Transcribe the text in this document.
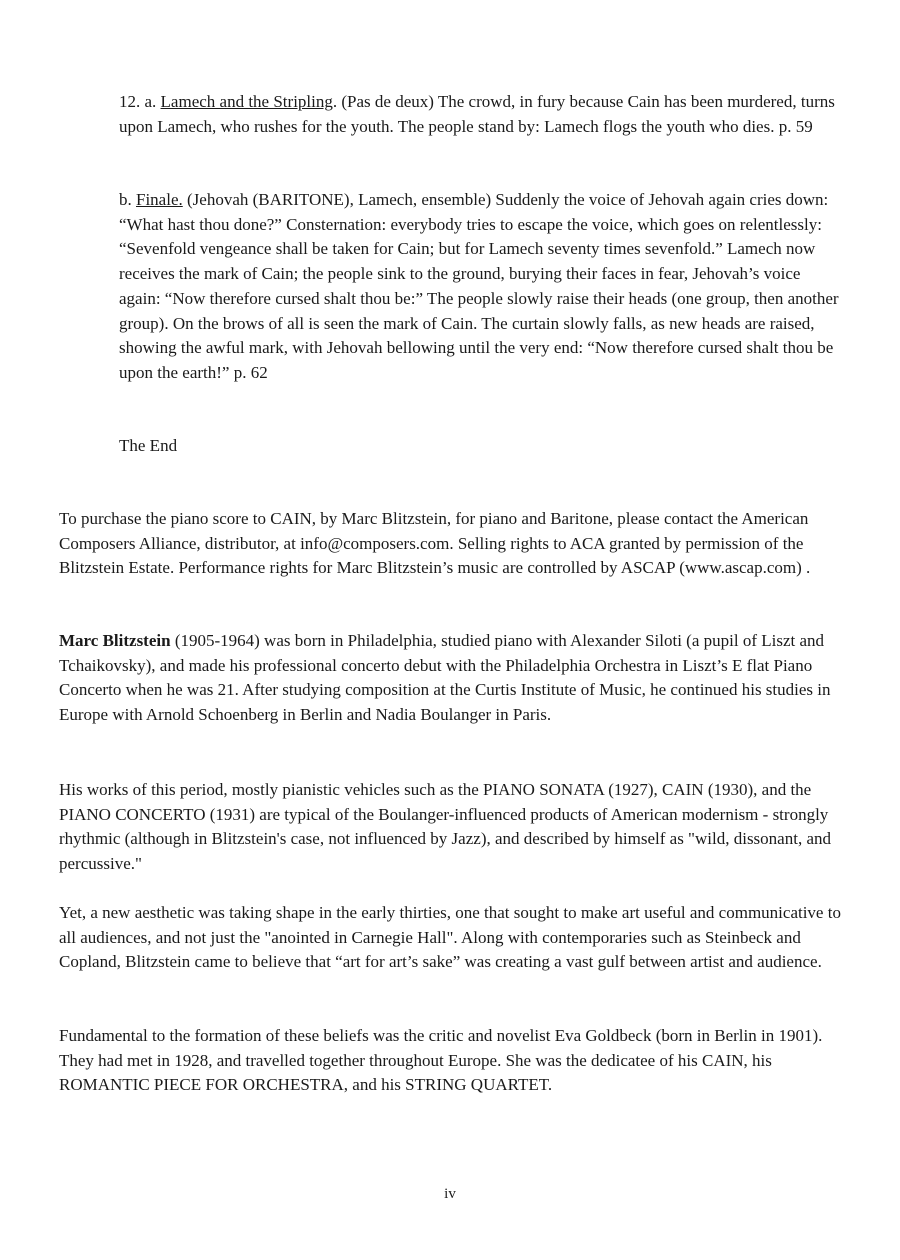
12. a. Lamech and the Stripling. (Pas de deux) The crowd, in fury because Cain has been murdered, turns upon Lamech, who rushes for the youth. The people stand by: Lamech flogs the youth who dies. p. 59

b. Finale. (Jehovah (BARITONE), Lamech, ensemble) Suddenly the voice of Jehovah again cries down: “What hast thou done?” Consternation: everybody tries to escape the voice, which goes on relentlessly: “Sevenfold vengeance shall be taken for Cain; but for Lamech seventy times sevenfold.” Lamech now receives the mark of Cain; the people sink to the ground, burying their faces in fear, Jehovah’s voice again: “Now therefore cursed shalt thou be:” The people slowly raise their heads (one group, then another group). On the brows of all is seen the mark of Cain. The curtain slowly falls, as new heads are raised, showing the awful mark, with Jehovah bellowing until the very end: “Now therefore cursed shalt thou be upon the earth!” p. 62

The End

To purchase the piano score to CAIN, by Marc Blitzstein, for piano and Baritone, please contact the American Composers Alliance, distributor, at info@composers.com. Selling rights to ACA granted by permission of the Blitzstein Estate. Performance rights for Marc Blitzstein’s music are controlled by ASCAP (www.ascap.com) .

Marc Blitzstein (1905-1964) was born in Philadelphia, studied piano with Alexander Siloti (a pupil of Liszt and Tchaikovsky), and made his professional concerto debut with the Philadelphia Orchestra in Liszt’s E flat Piano Concerto when he was 21. After studying composition at the Curtis Institute of Music, he continued his studies in Europe with Arnold Schoenberg in Berlin and Nadia Boulanger in Paris.

His works of this period, mostly pianistic vehicles such as the PIANO SONATA (1927), CAIN (1930), and the PIANO CONCERTO (1931) are typical of the Boulanger-influenced products of American modernism - strongly rhythmic (although in Blitzstein's case, not influenced by Jazz), and described by himself as "wild, dissonant, and percussive."

Yet, a new aesthetic was taking shape in the early thirties, one that sought to make art useful and communicative to all audiences, and not just the "anointed in Carnegie Hall". Along with contemporaries such as Steinbeck and Copland, Blitzstein came to believe that “art for art’s sake” was creating a vast gulf between artist and audience.

Fundamental to the formation of these beliefs was the critic and novelist Eva Goldbeck (born in Berlin in 1901). They had met in 1928, and travelled together throughout Europe. She was the dedicatee of his CAIN, his ROMANTIC PIECE FOR ORCHESTRA, and his STRING QUARTET.

iv
